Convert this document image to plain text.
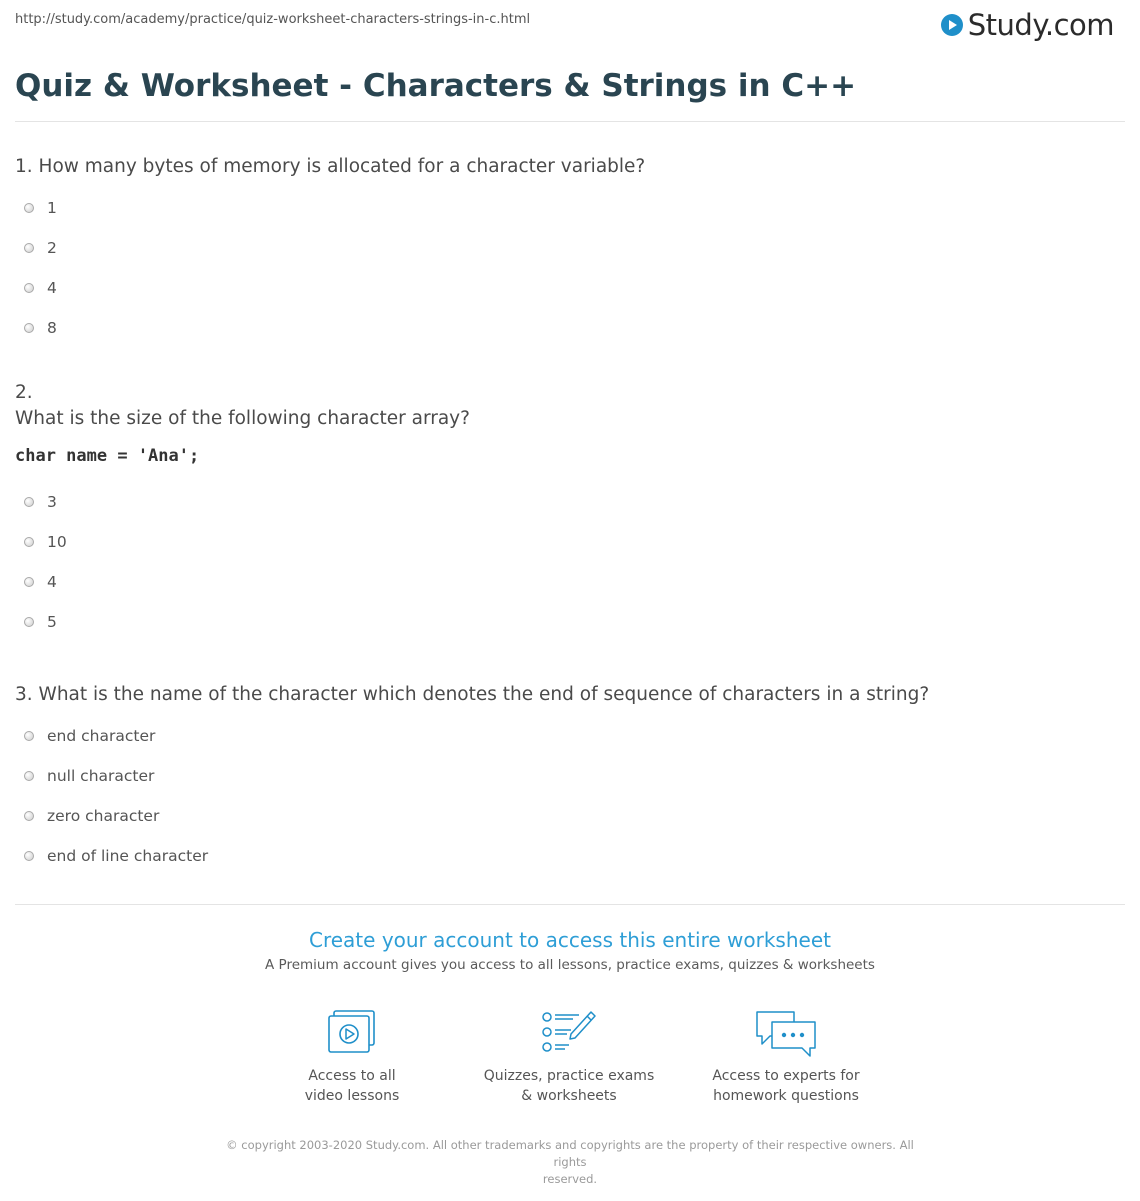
http://study.com/academy/practice/quiz-worksheet-characters-strings-in-c.html	Study.com
Quiz & Worksheet - Characters & Strings in C++
1. How many bytes of memory is allocated for a character variable?
1
2
4
8
2.
What is the size of the following character array?
char name = 'Ana';
3
10
4
5
3. What is the name of the character which denotes the end of sequence of characters in a string?
end character
null character
zero character
end of line character
Create your account to access this entire worksheet
A Premium account gives you access to all lessons, practice exams, quizzes & worksheets
Access to all
video lessons
Quizzes, practice exams
& worksheets
Access to experts for
homework questions
© copyright 2003-2020 Study.com. All other trademarks and copyrights are the property of their respective owners. All rights
reserved.
